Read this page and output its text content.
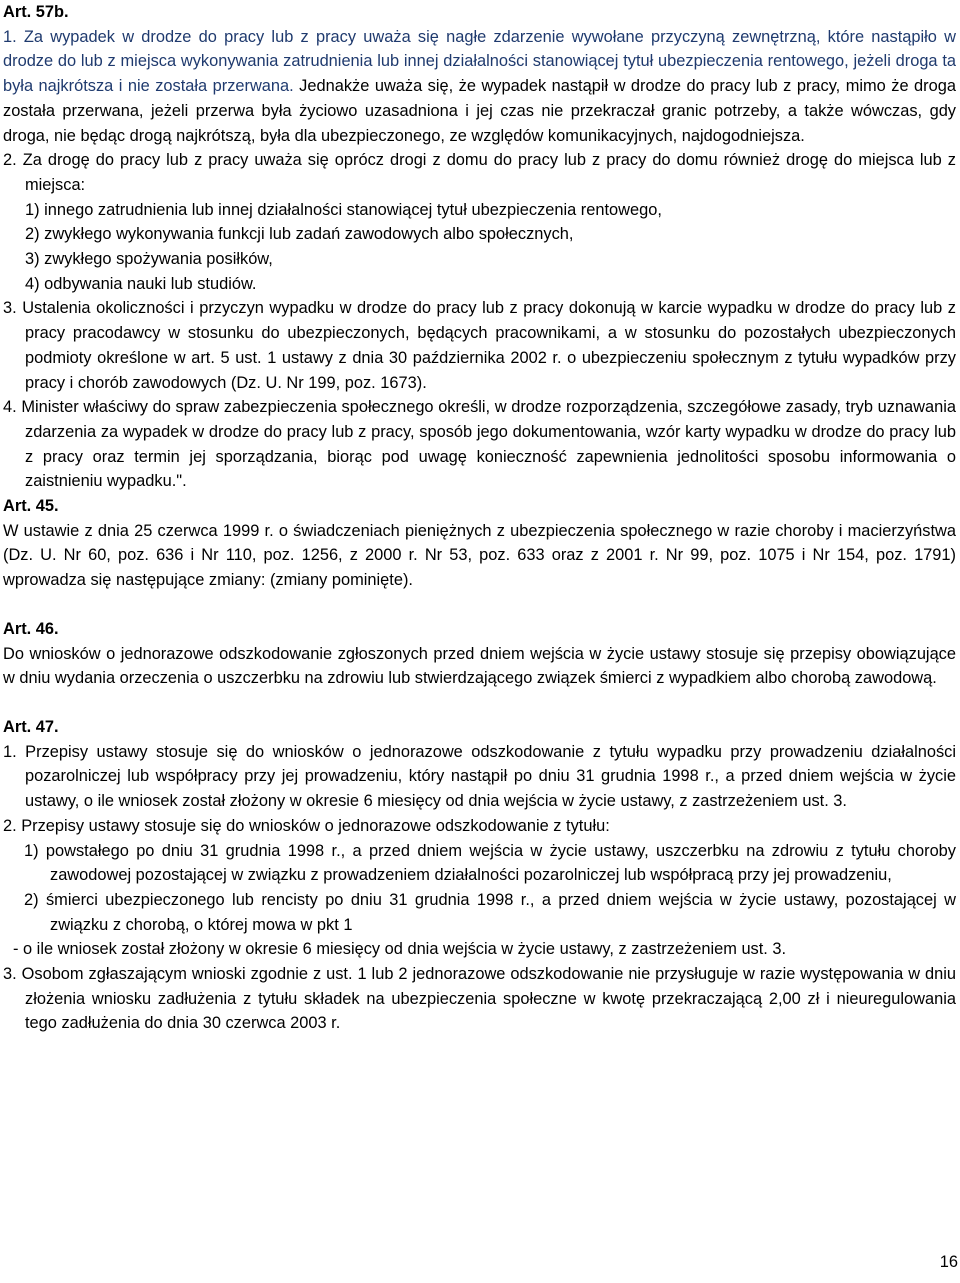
Art. 57b.

1. Za wypadek w drodze do pracy lub z pracy uważa się nagłe zdarzenie wywołane przyczyną zewnętrzną, które nastąpiło w drodze do lub z miejsca wykonywania zatrudnienia lub innej działalności stanowiącej tytuł ubezpieczenia rentowego, jeżeli droga ta była najkrótsza i nie została przerwana. Jednakże uważa się, że wypadek nastąpił w drodze do pracy lub z pracy, mimo że droga została przerwana, jeżeli przerwa była życiowo uzasadniona i jej czas nie przekraczał granic potrzeby, a także wówczas, gdy droga, nie będąc drogą najkrótszą, była dla ubezpieczonego, ze względów komunikacyjnych, najdogodniejsza.

2. Za drogę do pracy lub z pracy uważa się oprócz drogi z domu do pracy lub z pracy do domu również drogę do miejsca lub z miejsca:

1) innego zatrudnienia lub innej działalności stanowiącej tytuł ubezpieczenia rentowego,
2) zwykłego wykonywania funkcji lub zadań zawodowych albo społecznych,
3) zwykłego spożywania posiłków,
4) odbywania nauki lub studiów.

3. Ustalenia okoliczności i przyczyn wypadku w drodze do pracy lub z pracy dokonują w karcie wypadku w drodze do pracy lub z pracy pracodawcy w stosunku do ubezpieczonych, będących pracownikami, a w stosunku do pozostałych ubezpieczonych podmioty określone w art. 5 ust. 1 ustawy z dnia 30 października 2002 r. o ubezpieczeniu społecznym z tytułu wypadków przy pracy i chorób zawodowych (Dz. U. Nr 199, poz. 1673).

4. Minister właściwy do spraw zabezpieczenia społecznego określi, w drodze rozporządzenia, szczegółowe zasady, tryb uznawania zdarzenia za wypadek w drodze do pracy lub z pracy, sposób jego dokumentowania, wzór karty wypadku w drodze do pracy lub z pracy oraz termin jej sporządzania, biorąc pod uwagę konieczność zapewnienia jednolitości sposobu informowania o zaistnieniu wypadku.".

Art. 45.

W ustawie z dnia 25 czerwca 1999 r. o świadczeniach pieniężnych z ubezpieczenia społecznego w razie choroby i macierzyństwa (Dz. U. Nr 60, poz. 636 i Nr 110, poz. 1256, z 2000 r. Nr 53, poz. 633 oraz z 2001 r. Nr 99, poz. 1075 i Nr 154, poz. 1791) wprowadza się następujące zmiany: (zmiany pominięte).

Art. 46.

Do wniosków o jednorazowe odszkodowanie zgłoszonych przed dniem wejścia w życie ustawy stosuje się przepisy obowiązujące w dniu wydania orzeczenia o uszczerbku na zdrowiu lub stwierdzającego związek śmierci z wypadkiem albo chorobą zawodową.

Art. 47.

1. Przepisy ustawy stosuje się do wniosków o jednorazowe odszkodowanie z tytułu wypadku przy prowadzeniu działalności pozarolniczej lub współpracy przy jej prowadzeniu, który nastąpił po dniu 31 grudnia 1998 r., a przed dniem wejścia w życie ustawy, o ile wniosek został złożony w okresie 6 miesięcy od dnia wejścia w życie ustawy, z zastrzeżeniem ust. 3.

2. Przepisy ustawy stosuje się do wniosków o jednorazowe odszkodowanie z tytułu:

1) powstałego po dniu 31 grudnia 1998 r., a przed dniem wejścia w życie ustawy, uszczerbku na zdrowiu z tytułu choroby zawodowej pozostającej w związku z prowadzeniem działalności pozarolniczej lub współpracą przy jej prowadzeniu,
2) śmierci ubezpieczonego lub rencisty po dniu 31 grudnia 1998 r., a przed dniem wejścia w życie ustawy, pozostającej w związku z chorobą, o której mowa w pkt 1
- o ile wniosek został złożony w okresie 6 miesięcy od dnia wejścia w życie ustawy, z zastrzeżeniem ust. 3.

3. Osobom zgłaszającym wnioski zgodnie z ust. 1 lub 2 jednorazowe odszkodowanie nie przysługuje w razie występowania w dniu złożenia wniosku zadłużenia z tytułu składek na ubezpieczenia społeczne w kwotę przekraczającą 2,00 zł i nieuregulowania tego zadłużenia do dnia 30 czerwca 2003 r.

16
